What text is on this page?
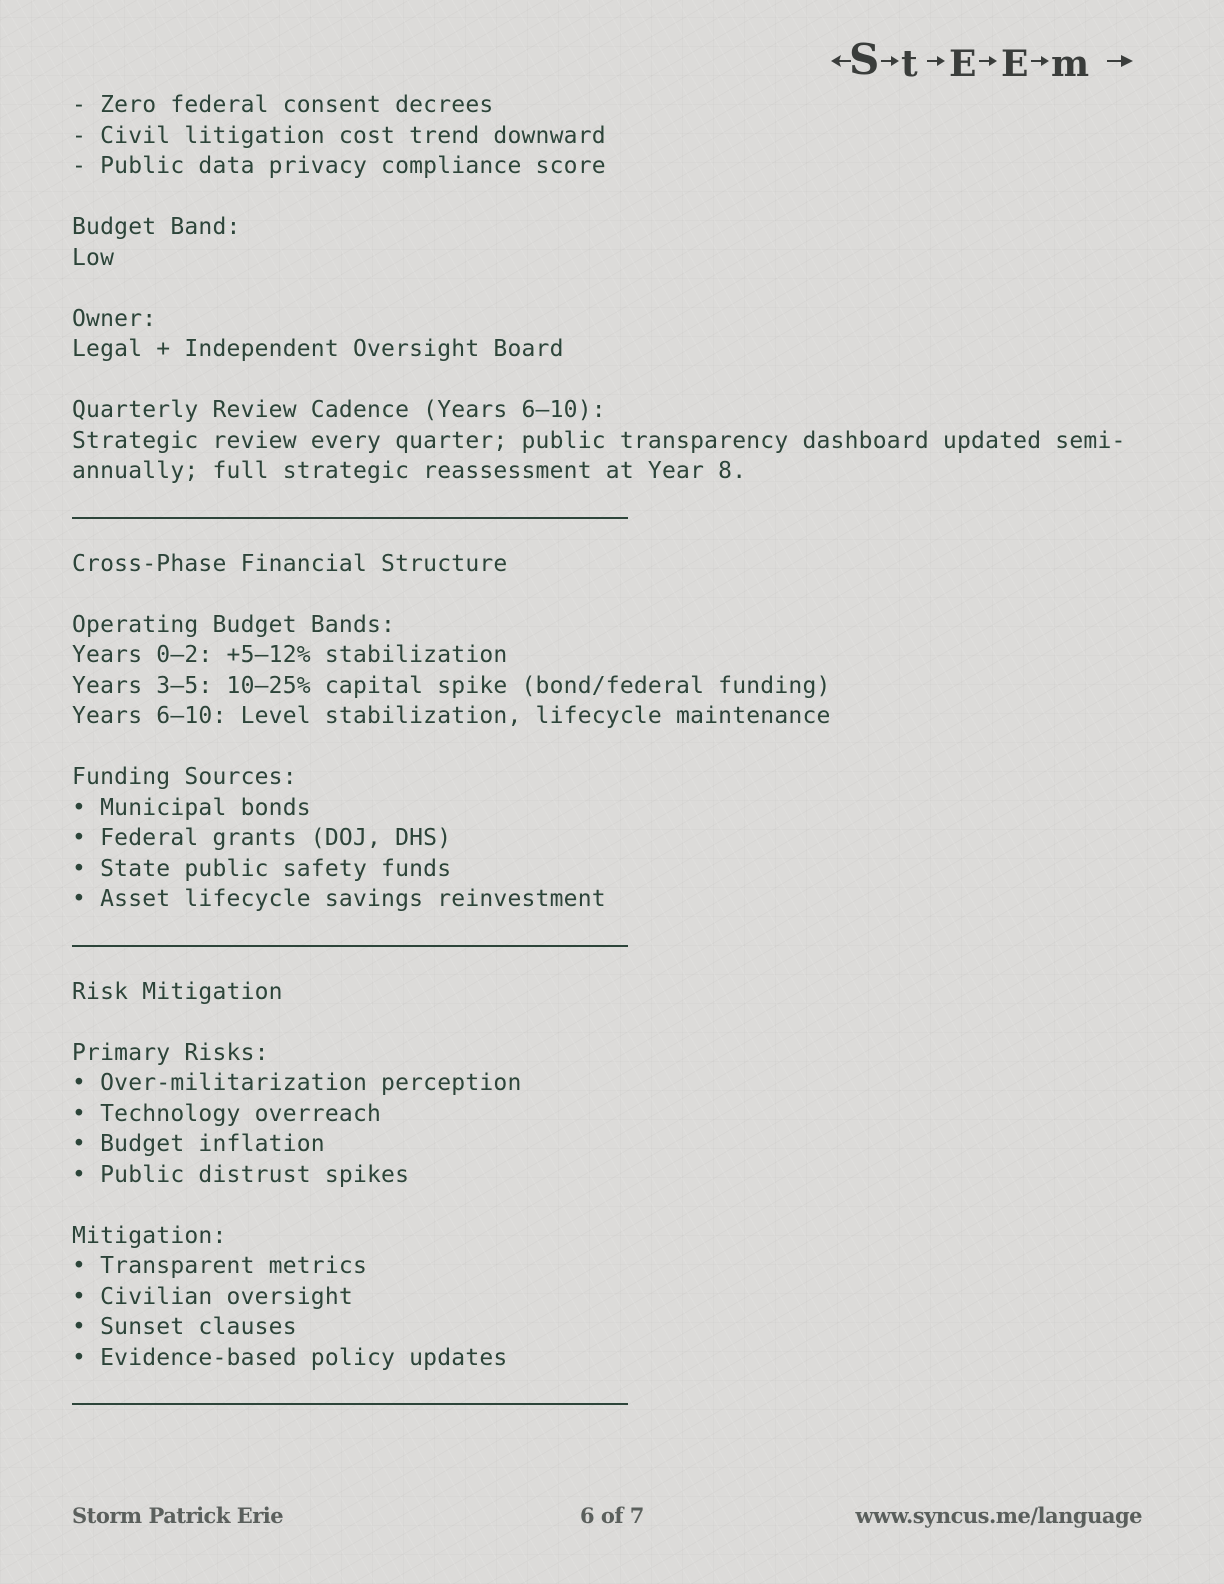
S t E E m
- Zero federal consent decrees
- Civil litigation cost trend downward
- Public data privacy compliance score
Budget Band:
Low
Owner:
Legal + Independent Oversight Board
Quarterly Review Cadence (Years 6–10):
Strategic review every quarter; public transparency dashboard updated semi-
annually; full strategic reassessment at Year 8.
Cross-Phase Financial Structure
Operating Budget Bands:
Years 0–2: +5–12% stabilization
Years 3–5: 10–25% capital spike (bond/federal funding)
Years 6–10: Level stabilization, lifecycle maintenance
Funding Sources:
• Municipal bonds
• Federal grants (DOJ, DHS)
• State public safety funds
• Asset lifecycle savings reinvestment
Risk Mitigation
Primary Risks:
• Over-militarization perception
• Technology overreach
• Budget inflation
• Public distrust spikes
Mitigation:
• Transparent metrics
• Civilian oversight
• Sunset clauses
• Evidence-based policy updates
Storm Patrick Erie	6 of 7	www.syncus.me/language
